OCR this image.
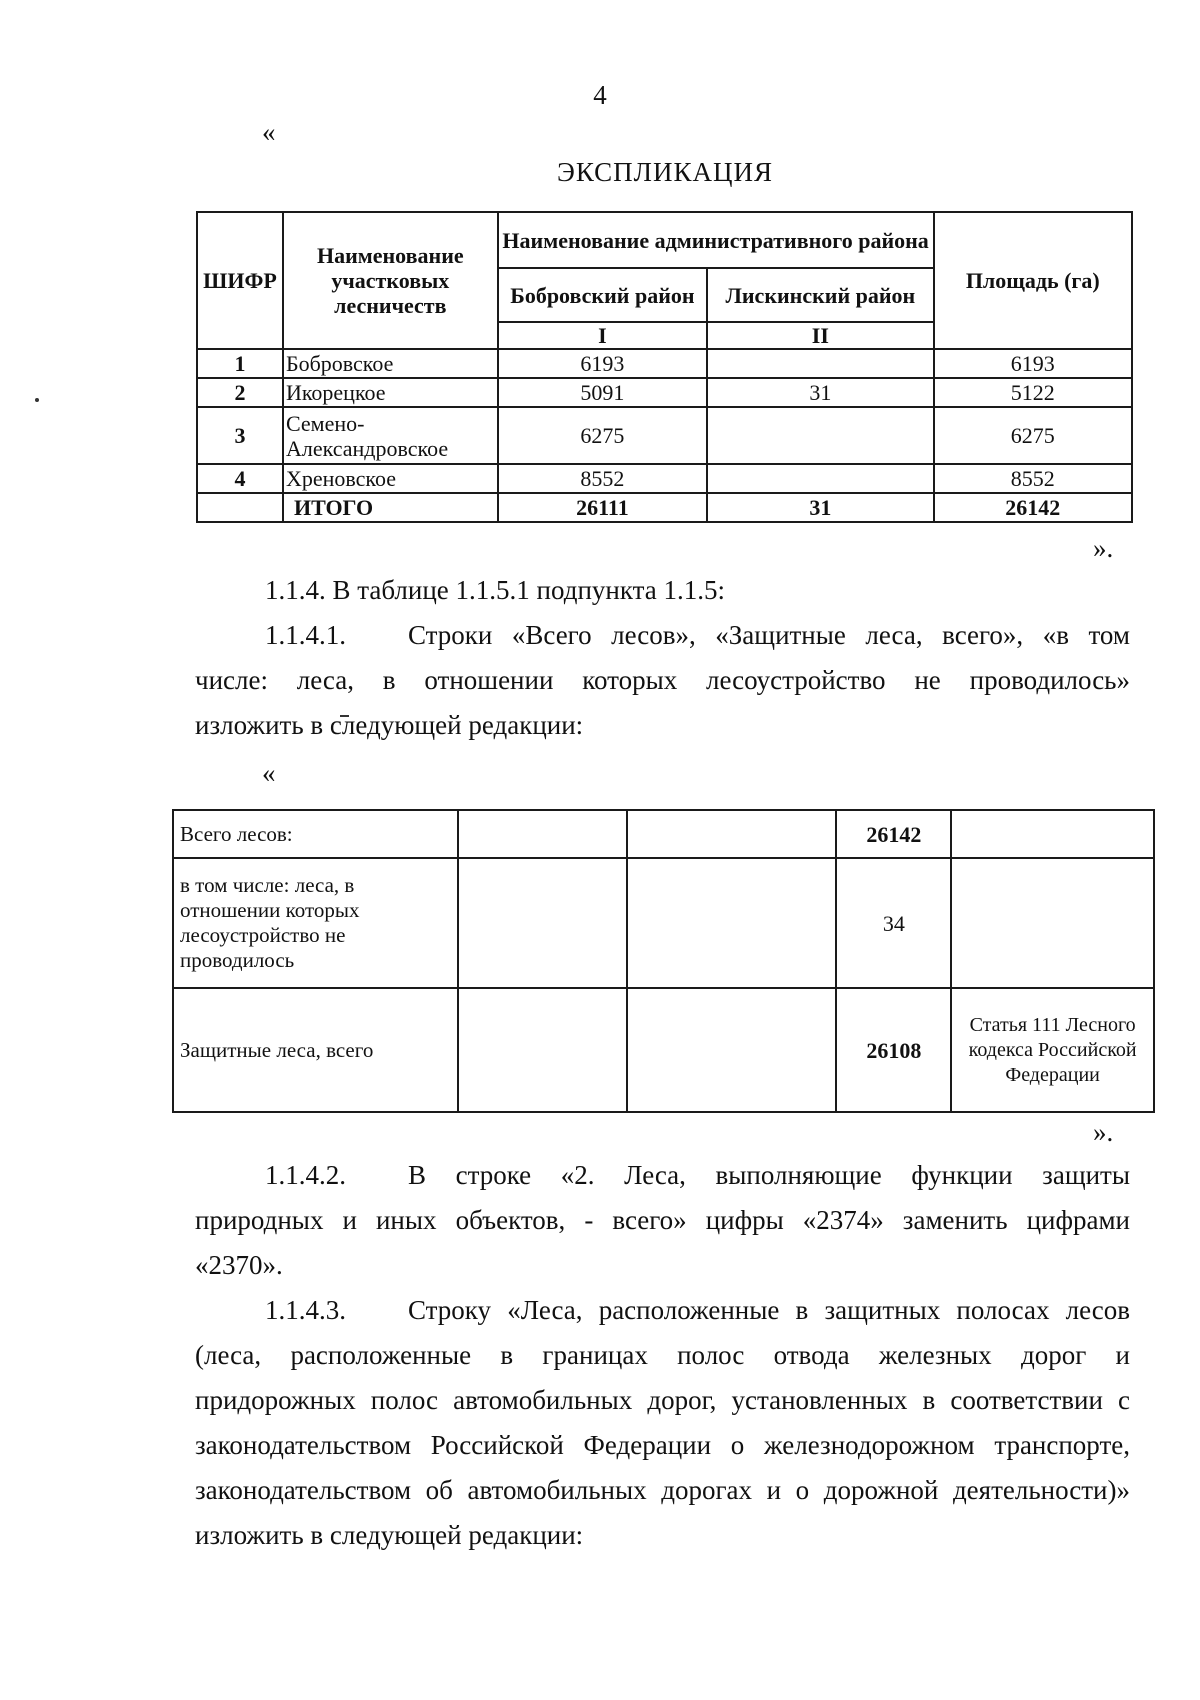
4
«
ЭКСПЛИКАЦИЯ
ШИФР	Наименование участковых лесничеств	Наименование административного района		Площадь (га)
		Бобровский район	Лискинский район	
		I	II	
1	Бобровское	6193		6193
2	Икорецкое	5091	31	5122
3	Семено-Александровское	6275		6275
4	Хреновское	8552		8552
	ИТОГО	26111	31	26142
».
1.1.4. В таблице 1.1.5.1 подпункта 1.1.5:
1.1.4.1. Строки «Всего лесов», «Защитные леса, всего», «в том
числе: леса, в отношении которых лесоустройство не проводилось»
изложить в следующей редакции:
«
Всего лесов:			26142	
в том числе: леса, в отношении которых лесоустройство не проводилось			34	
Защитные леса, всего			26108	Статья 111 Лесного кодекса Российской Федерации
».
1.1.4.2. В строке «2. Леса, выполняющие функции защиты
природных и иных объектов, - всего» цифры «2374» заменить цифрами
«2370».
1.1.4.3. Строку «Леса, расположенные в защитных полосах лесов
(леса, расположенные в границах полос отвода железных дорог и
придорожных полос автомобильных дорог, установленных в соответствии с
законодательством Российской Федерации о железнодорожном транспорте,
законодательством об автомобильных дорогах и о дорожной деятельности)»
изложить в следующей редакции:
